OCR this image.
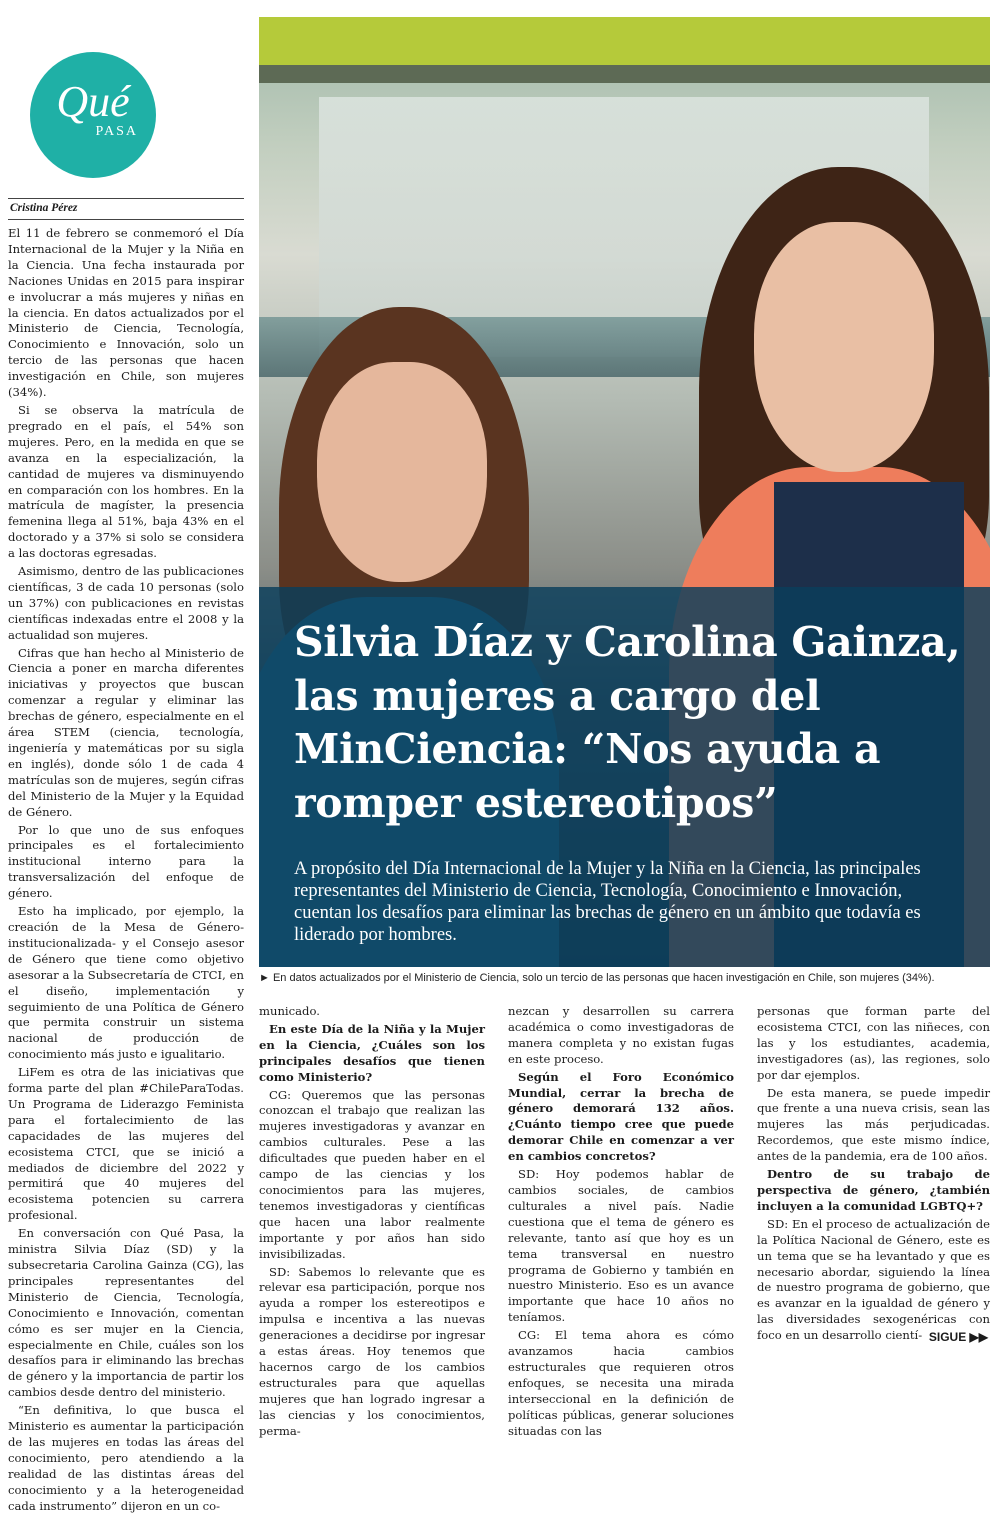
Qué
PASA
Cristina Pérez

El 11 de febrero se conmemoró el Día Internacional de la Mujer y la Niña en la Ciencia. Una fecha instaurada por Naciones Unidas en 2015 para inspirar e involucrar a más mujeres y niñas en la ciencia. En datos actualizados por el Ministerio de Ciencia, Tecnología, Conocimiento e Innovación, solo un tercio de las personas que hacen investigación en Chile, son mujeres (34%).

Si se observa la matrícula de pregrado en el país, el 54% son mujeres. Pero, en la medida en que se avanza en la especialización, la cantidad de mujeres va disminuyendo en comparación con los hombres. En la matrícula de magíster, la presencia femenina llega al 51%, baja 43% en el doctorado y a 37% si solo se considera a las doctoras egresadas.

Asimismo, dentro de las publicaciones científicas, 3 de cada 10 personas (solo un 37%) con publicaciones en revistas científicas indexadas entre el 2008 y la actualidad son mujeres.

Cifras que han hecho al Ministerio de Ciencia a poner en marcha diferentes iniciativas y proyectos que buscan comenzar a regular y eliminar las brechas de género, especialmente en el área STEM (ciencia, tecnología, ingeniería y matemáticas por su sigla en inglés), donde sólo 1 de cada 4 matrículas son de mujeres, según cifras del Ministerio de la Mujer y la Equidad de Género.

Por lo que uno de sus enfoques principales es el fortalecimiento institucional interno para la transversalización del enfoque de género.

Esto ha implicado, por ejemplo, la creación de la Mesa de Género- institucionalizada- y el Consejo asesor de Género que tiene como objetivo asesorar a la Subsecretaría de CTCI, en el diseño, implementación y seguimiento de una Política de Género que permita construir un sistema nacional de producción de conocimiento más justo e igualitario.

LiFem es otra de las iniciativas que forma parte del plan #ChileParaTodas. Un Programa de Liderazgo Feminista para el fortalecimiento de las capacidades de las mujeres del ecosistema CTCI, que se inició a mediados de diciembre del 2022 y permitirá que 40 mujeres del ecosistema potencien su carrera profesional.

En conversación con Qué Pasa, la ministra Silvia Díaz (SD) y la subsecretaria Carolina Gainza (CG), las principales representantes del Ministerio de Ciencia, Tecnología, Conocimiento e Innovación, comentan cómo es ser mujer en la Ciencia, especialmente en Chile, cuáles son los desafíos para ir eliminando las brechas de género y la importancia de partir los cambios desde dentro del ministerio.

“En definitiva, lo que busca el Ministerio es aumentar la participación de las mujeres en todas las áreas del conocimiento, pero atendiendo a la realidad de las distintas áreas del conocimiento y a la heterogeneidad cada instrumento” dijeron en un co-

Silvia Díaz y Carolina Gainza, las mujeres a cargo del MinCiencia: “Nos ayuda a romper estereotipos”
A propósito del Día Internacional de la Mujer y la Niña en la Ciencia, las principales representantes del Ministerio de Ciencia, Tecnología, Conocimiento e Innovación, cuentan los desafíos para eliminar las brechas de género en un ámbito que todavía es liderado por hombres.
► En datos actualizados por el Ministerio de Ciencia, solo un tercio de las personas que hacen investigación en Chile, son mujeres (34%).

municado.

En este Día de la Niña y la Mujer en la Ciencia, ¿Cuáles son los principales desafíos que tienen como Ministerio?

CG: Queremos que las personas conozcan el trabajo que realizan las mujeres investigadoras y avanzar en cambios culturales. Pese a las dificultades que pueden haber en el campo de las ciencias y los conocimientos para las mujeres, tenemos investigadoras y científicas que hacen una labor realmente importante y por años han sido invisibilizadas.

SD: Sabemos lo relevante que es relevar esa participación, porque nos ayuda a romper los estereotipos e impulsa e incentiva a las nuevas generaciones a decidirse por ingresar a estas áreas. Hoy tenemos que hacernos cargo de los cambios estructurales para que aquellas mujeres que han logrado ingresar a las ciencias y los conocimientos, perma-

nezcan y desarrollen su carrera académica o como investigadoras de manera completa y no existan fugas en este proceso.

Según el Foro Económico Mundial, cerrar la brecha de género demorará 132 años. ¿Cuánto tiempo cree que puede demorar Chile en comenzar a ver en cambios concretos?

SD: Hoy podemos hablar de cambios sociales, de cambios culturales a nivel país. Nadie cuestiona que el tema de género es relevante, tanto así que hoy es un tema transversal en nuestro programa de Gobierno y también en nuestro Ministerio. Eso es un avance importante que hace 10 años no teníamos.

CG: El tema ahora es cómo avanzamos hacia cambios estructurales que requieren otros enfoques, se necesita una mirada interseccional en la definición de políticas públicas, generar soluciones situadas con las

personas que forman parte del ecosistema CTCI, con las niñeces, con las y los estudiantes, academia, investigadores (as), las regiones, solo por dar ejemplos.

De esta manera, se puede impedir que frente a una nueva crisis, sean las mujeres las más perjudicadas. Recordemos, que este mismo índice, antes de la pandemia, era de 100 años.

Dentro de su trabajo de perspectiva de género, ¿también incluyen a la comunidad LGBTQ+?

SD: En el proceso de actualización de la Política Nacional de Género, este es un tema que se ha levantado y que es necesario abordar, siguiendo la línea de nuestro programa de gobierno, que es avanzar en la igualdad de género y las diversidades sexogenéricas con foco en un desarrollo cientí- SIGUE ▶▶
